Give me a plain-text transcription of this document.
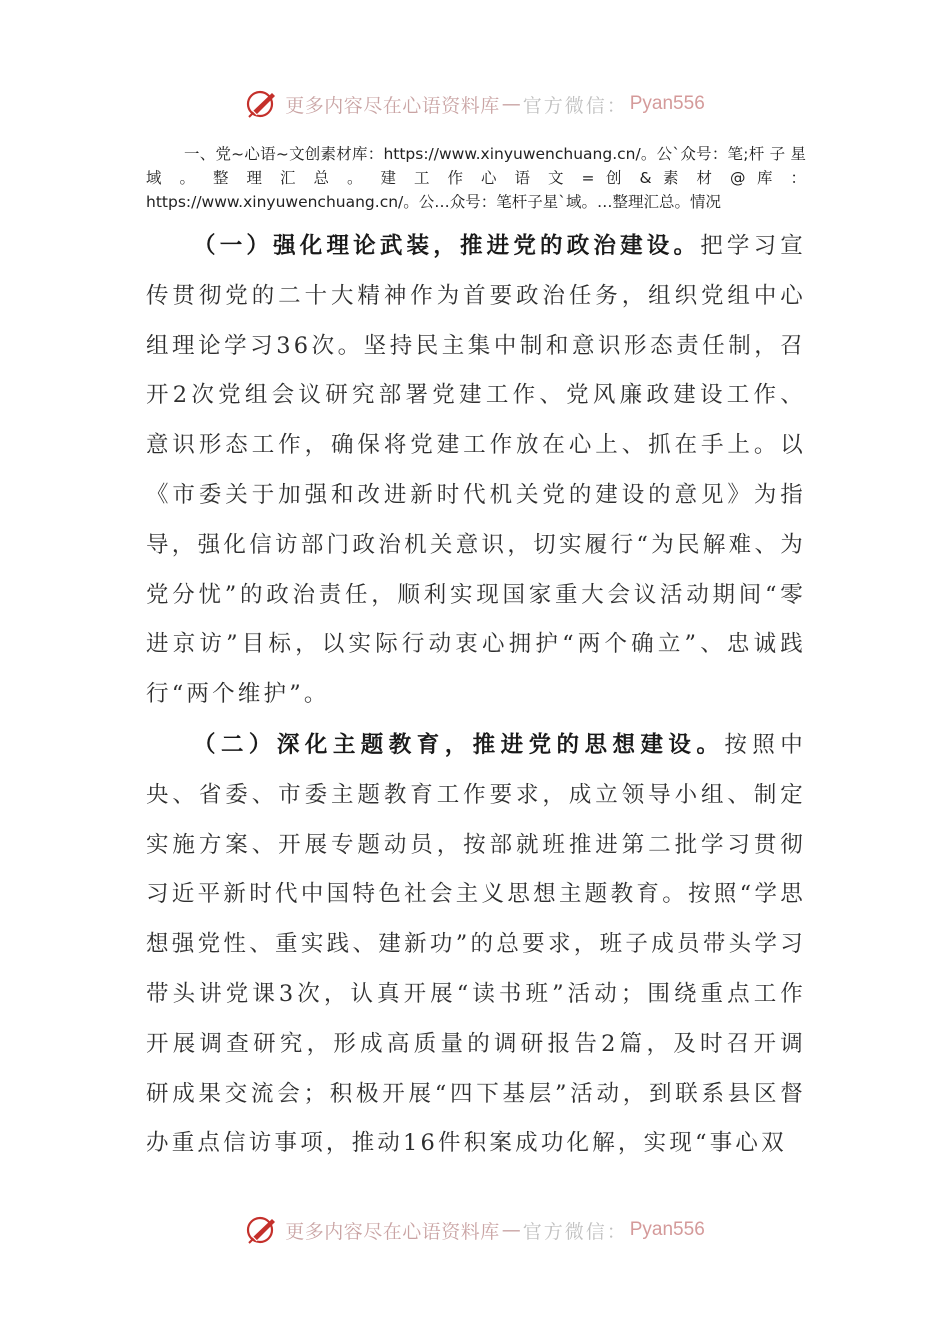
更多内容尽在心语资料库 — 官方微信： Pyan556

一、党~心语~文创素材库：https://www.xinyuwenchuang.cn/。公`众号：笔;杆 子 星 域 。 整 理 汇 总 。 建 工 作 心 语 文 = 创 & 素 材 @ 库 ： https://www.xinyuwenchuang.cn/。公…众号：笔杆子星`域。…整理汇总。情况

（一）强化理论武装，推进党的政治建设。把学习宣传贯彻党的二十大精神作为首要政治任务，组织党组中心组理论学习36次。坚持民主集中制和意识形态责任制，召开2次党组会议研究部署党建工作、党风廉政建设工作、意识形态工作，确保将党建工作放在心上、抓在手上。以《市委关于加强和改进新时代机关党的建设的意见》为指导，强化信访部门政治机关意识，切实履行“为民解难、为党分忧”的政治责任，顺利实现国家重大会议活动期间“零进京访”目标，以实际行动衷心拥护“两个确立”、忠诚践行“两个维护”。

（二）深化主题教育，推进党的思想建设。按照中央、省委、市委主题教育工作要求，成立领导小组、制定实施方案、开展专题动员，按部就班推进第二批学习贯彻习近平新时代中国特色社会主义思想主题教育。按照“学思想强党性、重实践、建新功”的总要求，班子成员带头学习带头讲党课3次，认真开展“读书班”活动；围绕重点工作开展调查研究，形成高质量的调研报告2篇，及时召开调研成果交流会；积极开展“四下基层”活动，到联系县区督办重点信访事项，推动16件积案成功化解，实现“事心双

更多内容尽在心语资料库 — 官方微信： Pyan556
